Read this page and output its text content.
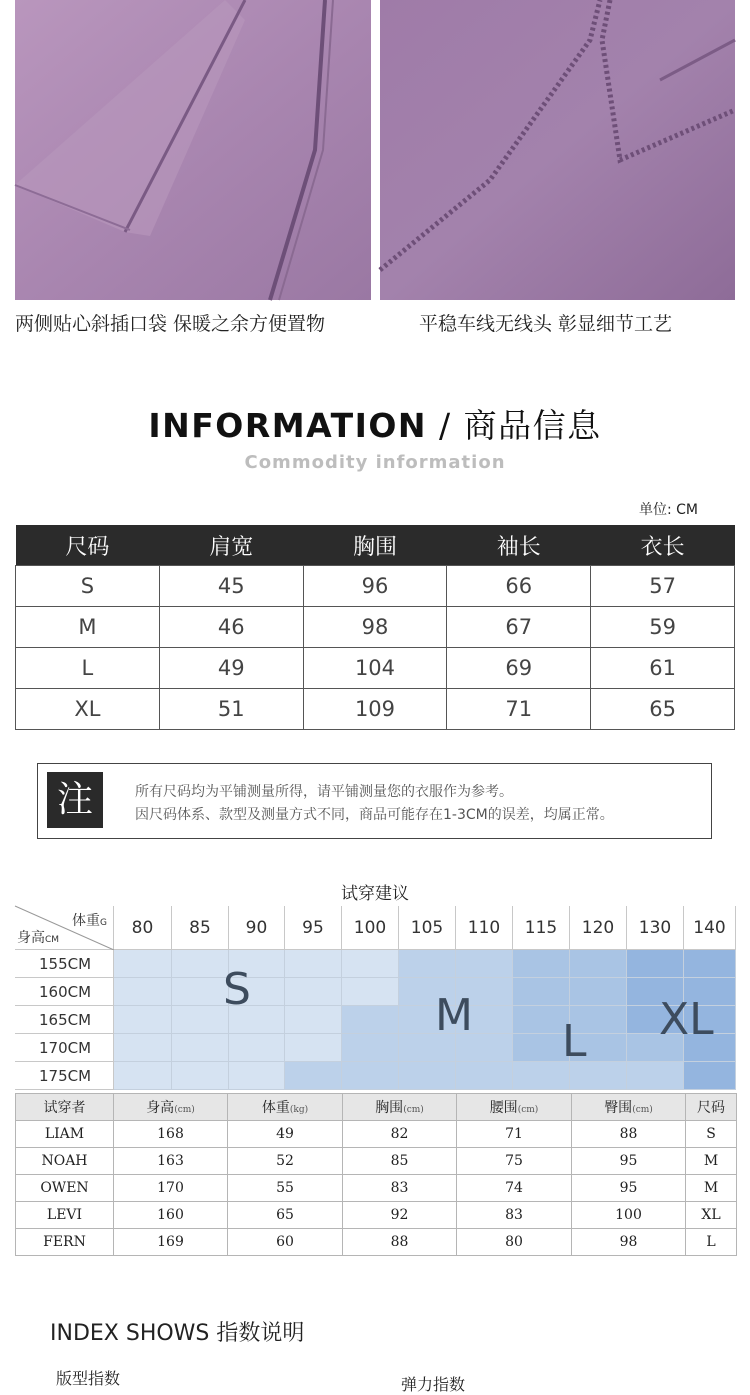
两侧贴心斜插口袋 保暖之余方便置物	平稳车线无线头 彰显细节工艺
INFORMATION / 商品信息
Commodity information
单位: CM
尺码	肩宽	胸围	袖长	衣长

S	45	96	66	57
M	46	98	67	59
L	49	104	69	61
XL	51	109	71	65
注	所有尺码均为平铺测量所得，请平铺测量您的衣服作为参考。
因尺码体系、款型及测量方式不同，商品可能存在1-3CM的误差，均属正常。
试穿建议
体重G
身高CM
80	85	90	95	100	105	110	115	120	130	140
155CM
160CM
165CM
170CM
175CM
S
M
L XL
试穿者	身高(cm)	体重(kg)	胸围(cm)	腰围(cm)	臀围(cm)	尺码
LIAM	168	49	82	71	88	S
NOAH	163	52	85	75	95	M
OWEN	170	55	83	74	95	M
LEVI	160	65	92	83	100	XL
FERN	169	60	88	80	98	L
INDEX SHOWS 指数说明
版型指数	弹力指数
